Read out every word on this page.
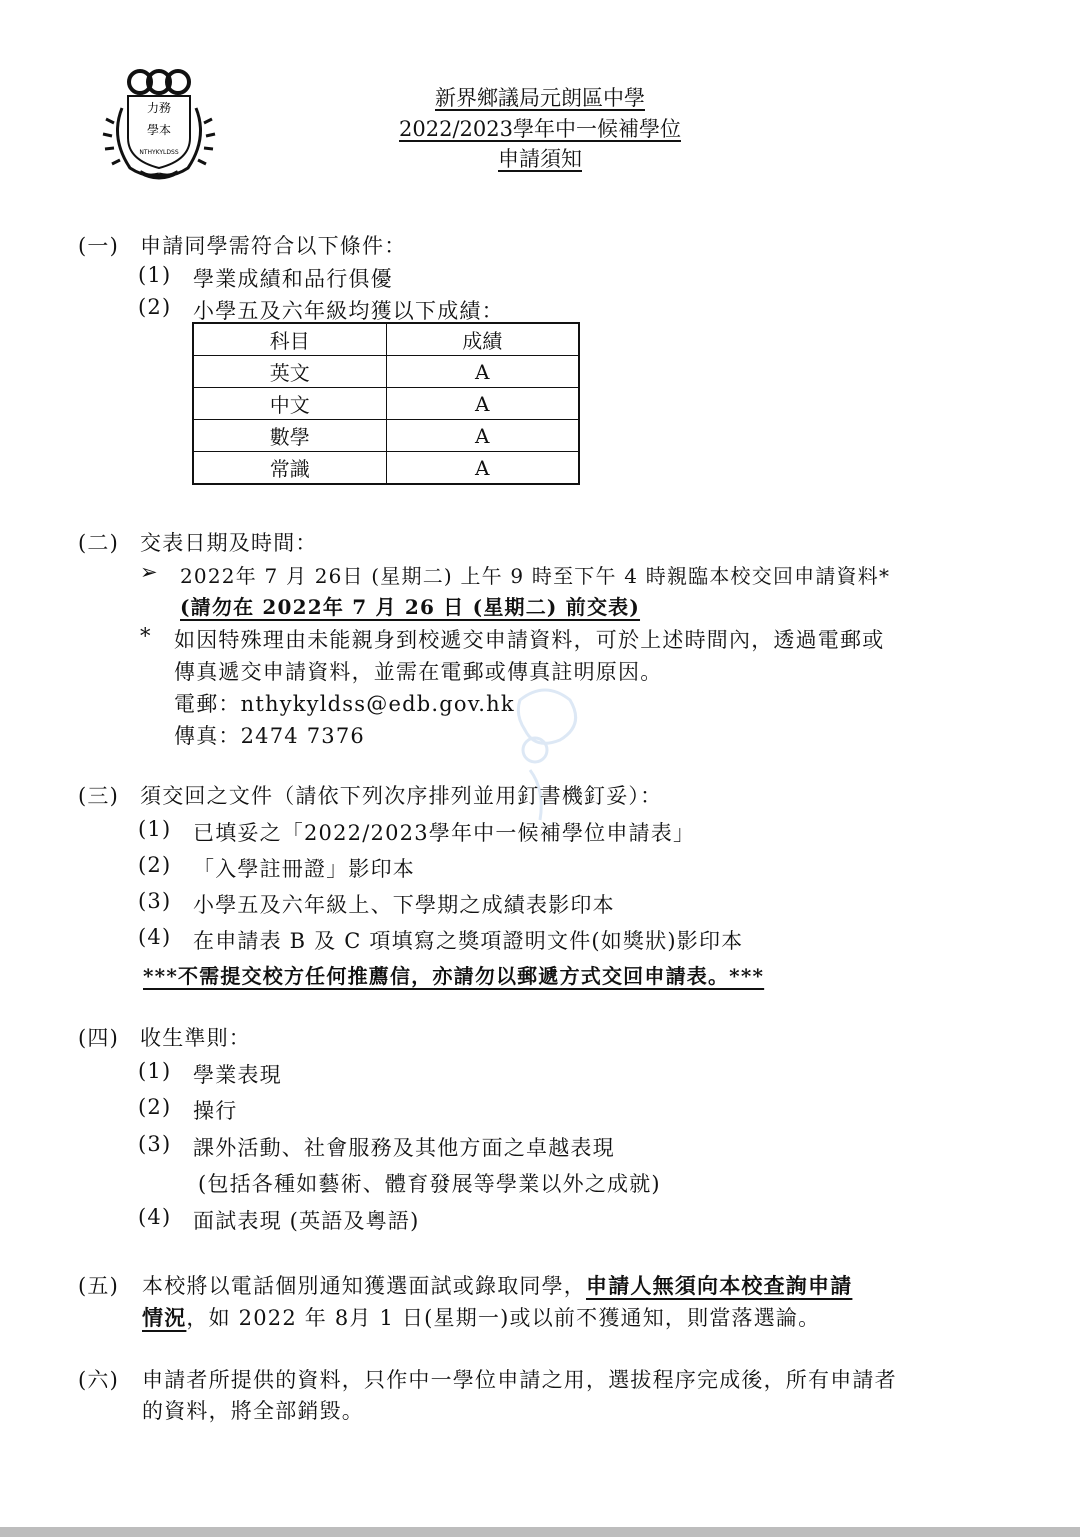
力務
學本
NTHYKYLDSS
新界鄉議局元朗區中學
2022/2023學年中一候補學位
申請須知
(一) 申請同學需符合以下條件：
(1) 學業成績和品行俱優
(2) 小學五及六年級均獲以下成績：
科目	成績
英文	A
中文	A
數學	A
常識	A
(二) 交表日期及時間：
➢ 2022年 7 月 26日 (星期二) 上午 9 時至下午 4 時親臨本校交回申請資料*
(請勿在 2022年 7 月 26 日 (星期二) 前交表)
* 如因特殊理由未能親身到校遞交申請資料，可於上述時間內，透過電郵或
傳真遞交申請資料，並需在電郵或傳真註明原因。
電郵：nthykyldss@edb.gov.hk
傳真：2474 7376
(三) 須交回之文件（請依下列次序排列並用釘書機釘妥）：
(1) 已填妥之「2022/2023學年中一候補學位申請表」
(2) 「入學註冊證」影印本
(3) 小學五及六年級上、下學期之成績表影印本
(4) 在申請表 B 及 C 項填寫之獎項證明文件(如獎狀)影印本
***不需提交校方任何推薦信，亦請勿以郵遞方式交回申請表。***
(四) 收生準則：
(1) 學業表現
(2) 操行
(3) 課外活動、社會服務及其他方面之卓越表現
(包括各種如藝術、體育發展等學業以外之成就)
(4) 面試表現 (英語及粵語)
(五) 本校將以電話個別通知獲選面試或錄取同學，申請人無須向本校查詢申請
情況，如 2022 年 8月 1 日(星期一)或以前不獲通知，則當落選論。
(六) 申請者所提供的資料，只作中一學位申請之用，選拔程序完成後，所有申請者
的資料，將全部銷毀。
